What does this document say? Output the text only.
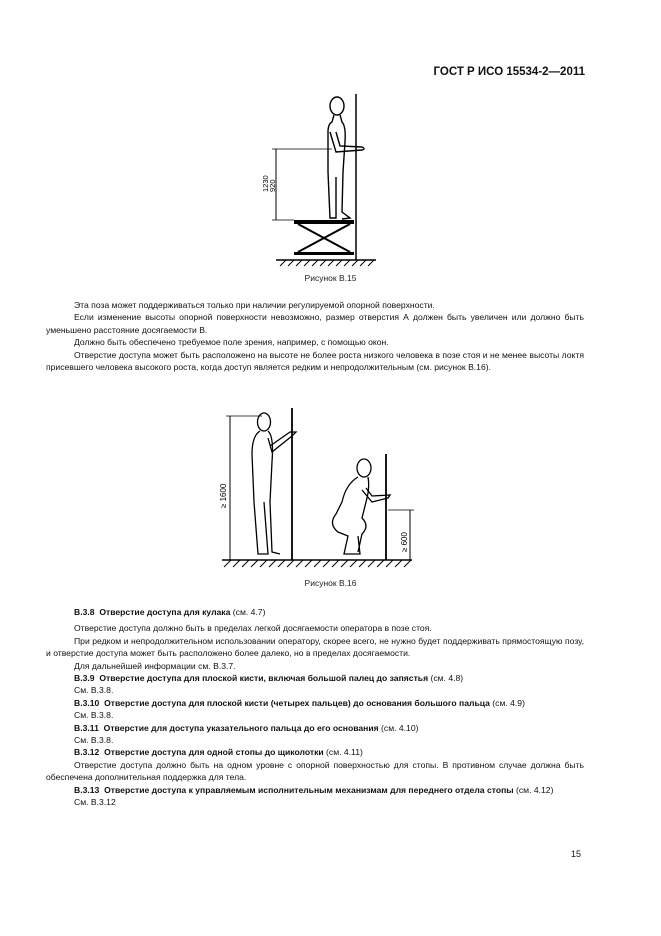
ГОСТ Р ИСО 15534-2—2011
1230
920
Рисунок В.15

Эта поза может поддерживаться только при наличии регулируемой опорной поверхности.

Если изменение высоты опорной поверхности невозможно, размер отверстия А должен быть увеличен или должно быть уменьшено расстояние досягаемости В.

Должно быть обеспечено требуемое поле зрения, например, с помощью окон.

Отверстие доступа может быть расположено на высоте не более роста низкого человека в позе стоя и не менее высоты локтя присевшего человека высокого роста, когда доступ является редким и непродолжительным (см. рисунок В.16).

≥ 1600
≥ 600
Рисунок В.16

В.3.8 Отверстие доступа для кулака (см. 4.7)

Отверстие доступа должно быть в пределах легкой досягаемости оператора в позе стоя.

При редком и непродолжительном использовании оператору, скорее всего, не нужно будет поддерживать прямостоящую позу, и отверстие доступа может быть расположено более далеко, но в пределах досягаемости.

Для дальнейшей информации см. В.3.7.

В.3.9 Отверстие доступа для плоской кисти, включая большой палец до запястья (см. 4.8)

См. В.3.8.

В.3.10 Отверстие доступа для плоской кисти (четырех пальцев) до основания большого пальца (см. 4.9)

См. В.3.8.

В.3.11 Отверстие для доступа указательного пальца до его основания (см. 4.10)

См. В.3.8.

В.3.12 Отверстие доступа для одной стопы до щиколотки (см. 4.11)

Отверстие доступа должно быть на одном уровне с опорной поверхностью для стопы. В противном случае должна быть обеспечена дополнительная поддержка для тела.

В.3.13 Отверстие доступа к управляемым исполнительным механизмам для переднего отдела стопы (см. 4.12)

См. В.3.12

15
